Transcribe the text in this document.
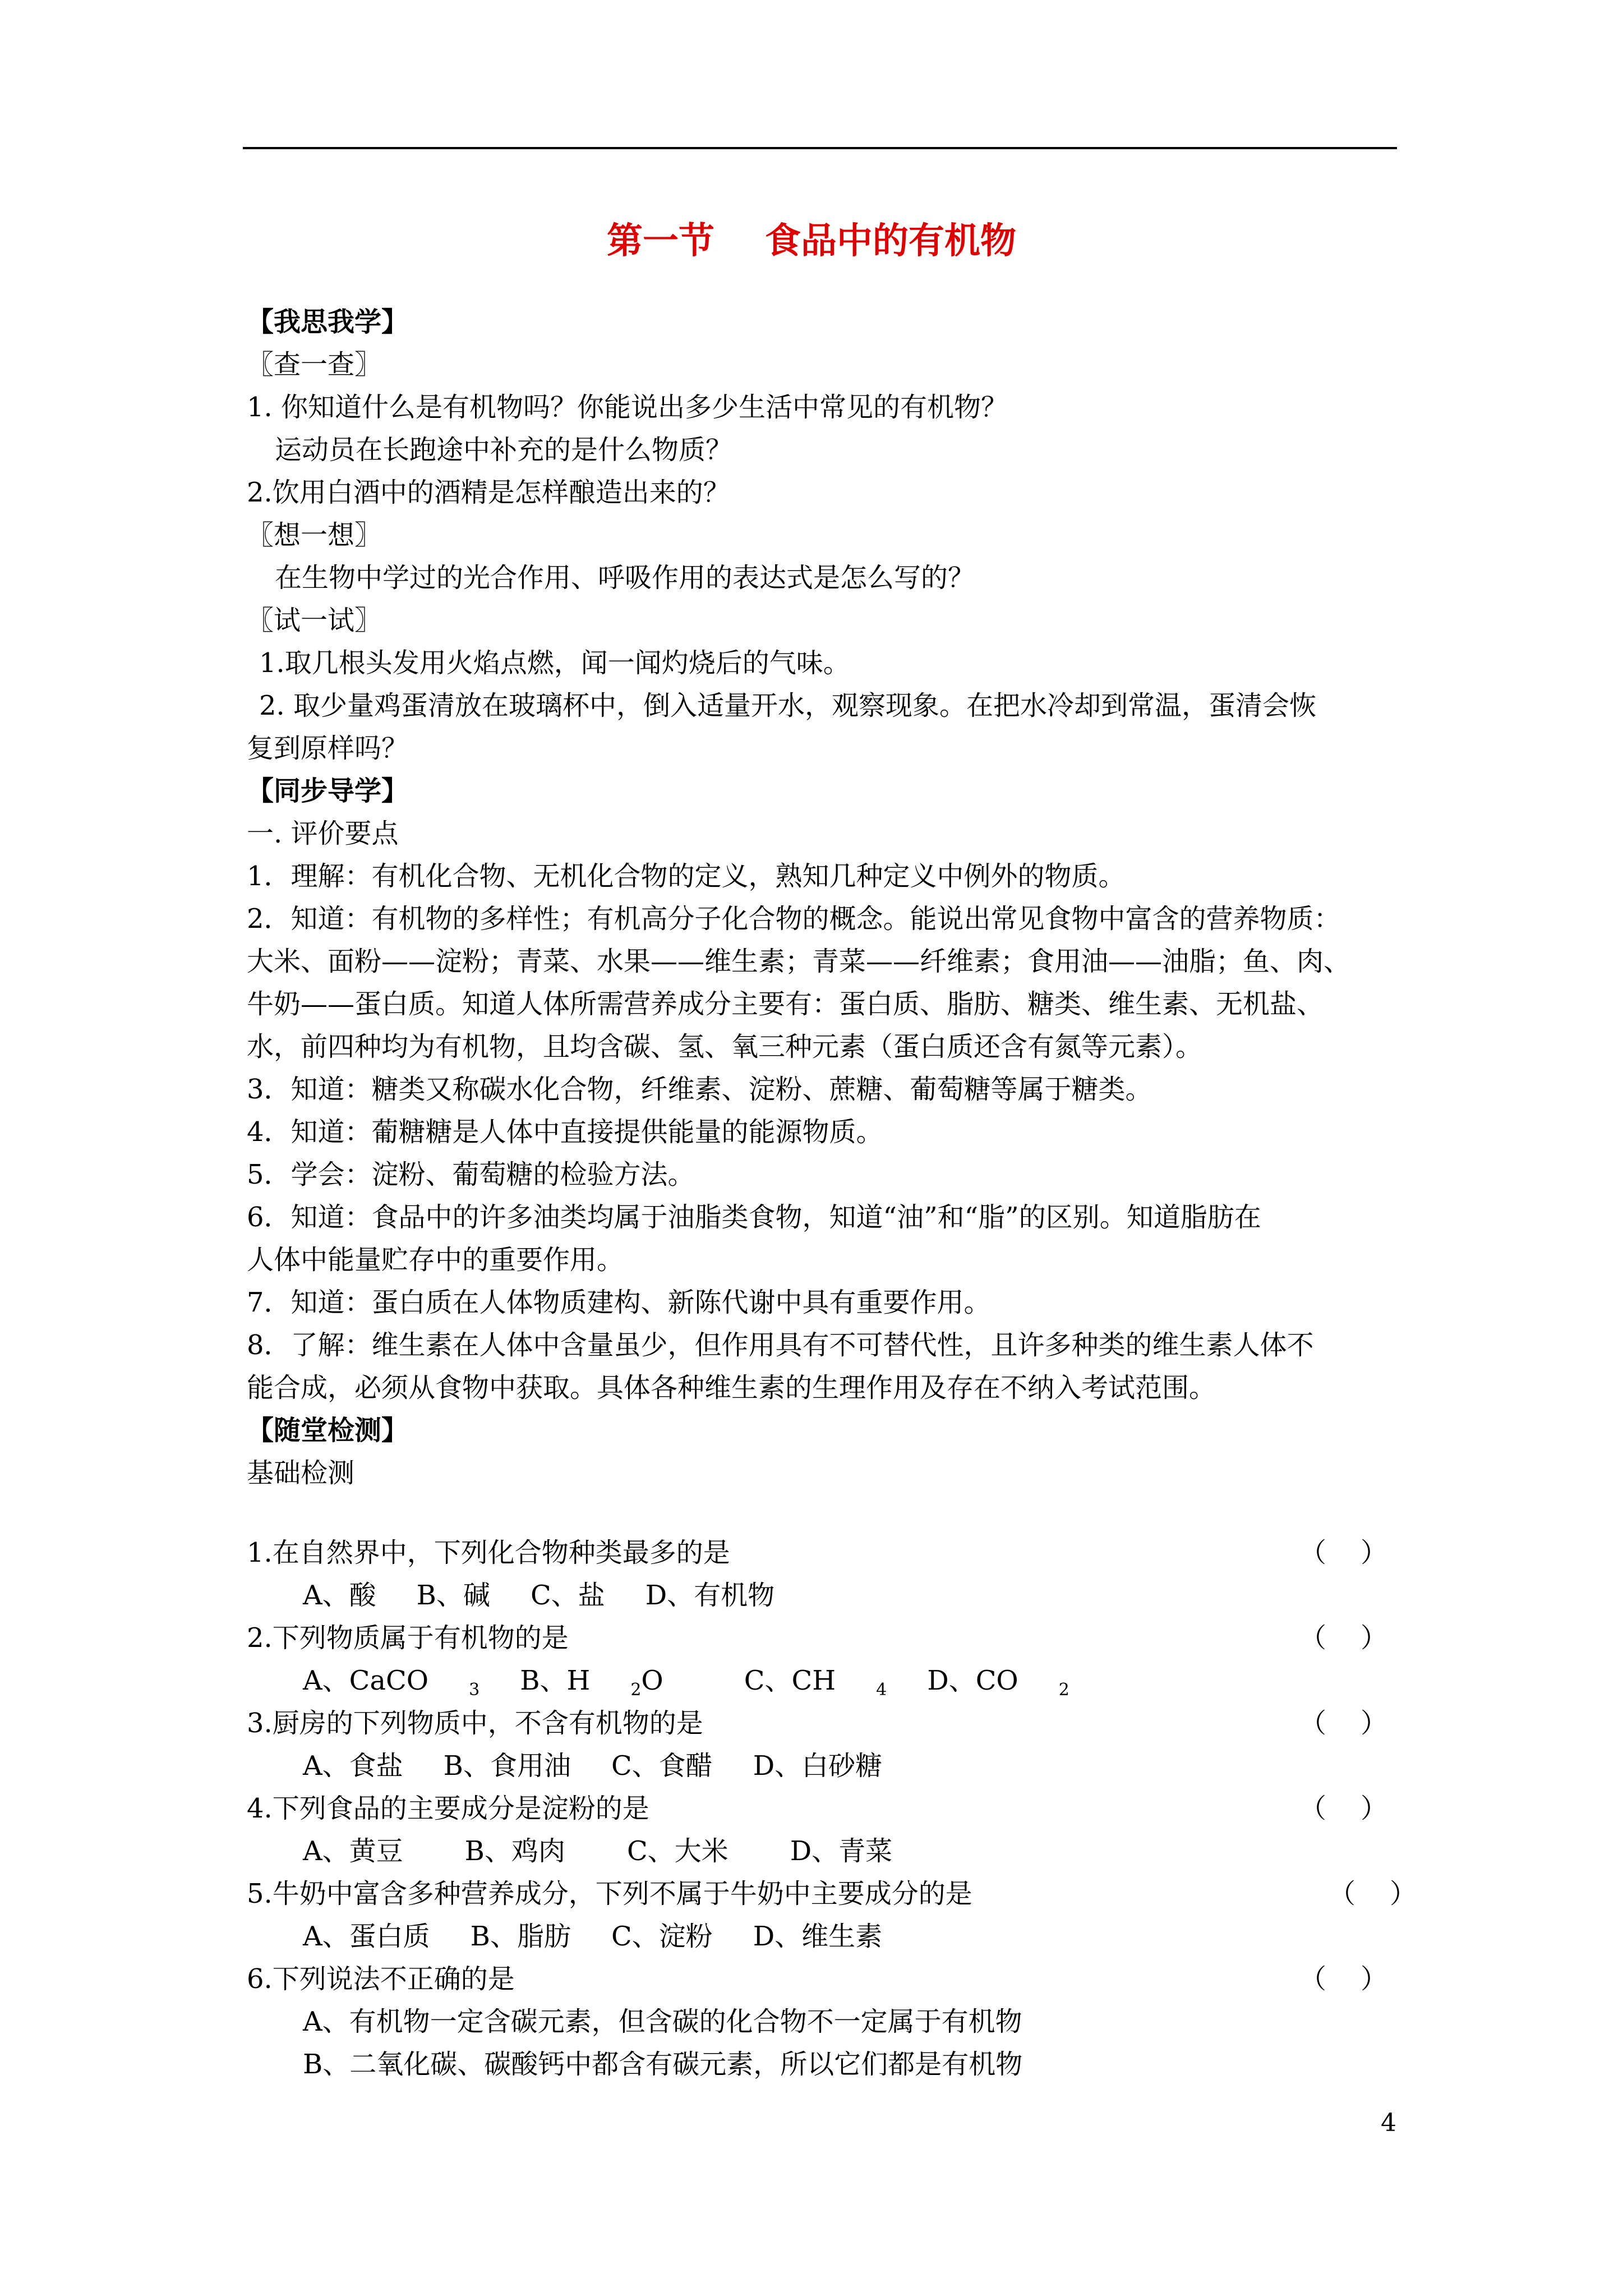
第一节 食品中的有机物
【我思我学】
〖查一查〗
1. 你知道什么是有机物吗？你能说出多少生活中常见的有机物？
运动员在长跑途中补充的是什么物质？
2.饮用白酒中的酒精是怎样酿造出来的？
〖想一想〗
在生物中学过的光合作用、呼吸作用的表达式是怎么写的？
〖试一试〗
1.取几根头发用火焰点燃，闻一闻灼烧后的气味。
2. 取少量鸡蛋清放在玻璃杯中，倒入适量开水，观察现象。在把水冷却到常温，蛋清会恢
复到原样吗？
【同步导学】
一. 评价要点
1．理解：有机化合物、无机化合物的定义，熟知几种定义中例外的物质。
2．知道：有机物的多样性；有机高分子化合物的概念。能说出常见食物中富含的营养物质：
大米、面粉——淀粉；青菜、水果——维生素；青菜——纤维素；食用油——油脂；鱼、肉、
牛奶——蛋白质。知道人体所需营养成分主要有：蛋白质、脂肪、糖类、维生素、无机盐、
水，前四种均为有机物，且均含碳、氢、氧三种元素（蛋白质还含有氮等元素）。
3．知道：糖类又称碳水化合物，纤维素、淀粉、蔗糖、葡萄糖等属于糖类。
4．知道：葡糖糖是人体中直接提供能量的能源物质。
5．学会：淀粉、葡萄糖的检验方法。
6．知道：食品中的许多油类均属于油脂类食物，知道“油”和“脂”的区别。知道脂肪在
人体中能量贮存中的重要作用。
7．知道：蛋白质在人体物质建构、新陈代谢中具有重要作用。
8．了解：维生素在人体中含量虽少，但作用具有不可替代性，且许多种类的维生素人体不
能合成，必须从食物中获取。具体各种维生素的生理作用及存在不纳入考试范围。
【随堂检测】
基础检测
1.在自然界中，下列化合物种类最多的是	（    ）
A、酸 B、碱 C、盐 D、有机物
2.下列物质属于有机物的是	（    ）
A、CaCO $_3$ B、H $_2$O	C、CH $_4$ D、CO $_2$
3.厨房的下列物质中，不含有机物的是	（    ）
A、食盐 B、食用油 C、食醋 D、白砂糖
4.下列食品的主要成分是淀粉的是	（    ）
A、黄豆 B、鸡肉 C、大米 D、青菜
5.牛奶中富含多种营养成分，下列不属于牛奶中主要成分的是	（    ）
A、蛋白质 B、脂肪 C、淀粉 D、维生素
6.下列说法不正确的是	（    ）
A、有机物一定含碳元素，但含碳的化合物不一定属于有机物
B、二氧化碳、碳酸钙中都含有碳元素，所以它们都是有机物
4
